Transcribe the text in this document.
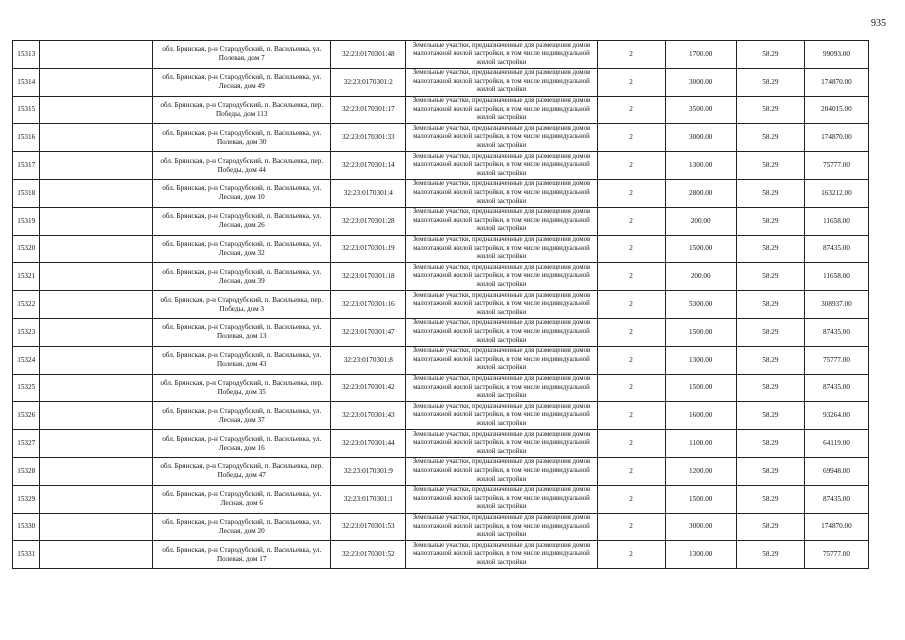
935
15313		обл. Брянская, р-н Стародубский, п. Васильевка, ул. Полевая, дом 7	32:23:0170301:48	Земельные участки, предназначенные для размещения домов малоэтажной жилой застройки, в том числе индивидуальной жилой застройки	2	1700.00	58.29	99093.00
15314		обл. Брянская, р-н Стародубский, п. Васильевка, ул. Лесная, дом 49	32:23:0170301:2	Земельные участки, предназначенные для размещения домов малоэтажной жилой застройки, в том числе индивидуальной жилой застройки	2	3000.00	58.29	174870.00
15315		обл. Брянская, р-н Стародубский, п. Васильевка, пер. Победы, дом 113	32:23:0170301:17	Земельные участки, предназначенные для размещения домов малоэтажной жилой застройки, в том числе индивидуальной жилой застройки	2	3500.00	58.29	204015.00
15316		обл. Брянская, р-н Стародубский, п. Васильевка, ул. Полевая, дом 30	32:23:0170301:33	Земельные участки, предназначенные для размещения домов малоэтажной жилой застройки, в том числе индивидуальной жилой застройки	2	3000.00	58.29	174870.00
15317		обл. Брянская, р-н Стародубский, п. Васильевка, пер. Победы, дом 44	32:23:0170301:14	Земельные участки, предназначенные для размещения домов малоэтажной жилой застройки, в том числе индивидуальной жилой застройки	2	1300.00	58.29	75777.00
15318		обл. Брянская, р-н Стародубский, п. Васильевка, ул. Лесная, дом 10	32:23:0170301:4	Земельные участки, предназначенные для размещения домов малоэтажной жилой застройки, в том числе индивидуальной жилой застройки	2	2800.00	58.29	163212.00
15319		обл. Брянская, р-н Стародубский, п. Васильевка, ул. Лесная, дом 26	32:23:0170301:28	Земельные участки, предназначенные для размещения домов малоэтажной жилой застройки, в том числе индивидуальной жилой застройки	2	200.00	58.29	11658.00
15320		обл. Брянская, р-н Стародубский, п. Васильевка, ул. Лесная, дом 32	32:23:0170301:19	Земельные участки, предназначенные для размещения домов малоэтажной жилой застройки, в том числе индивидуальной жилой застройки	2	1500.00	58.29	87435.00
15321		обл. Брянская, р-н Стародубский, п. Васильевка, ул. Лесная, дом 39	32:23:0170301:18	Земельные участки, предназначенные для размещения домов малоэтажной жилой застройки, в том числе индивидуальной жилой застройки	2	200.00	58.29	11658.00
15322		обл. Брянская, р-н Стародубский, п. Васильевка, пер. Победы, дом 3	32:23:0170301:16	Земельные участки, предназначенные для размещения домов малоэтажной жилой застройки, в том числе индивидуальной жилой застройки	2	5300.00	58.29	308937.00
15323		обл. Брянская, р-н Стародубский, п. Васильевка, ул. Полевая, дом 13	32:23:0170301:47	Земельные участки, предназначенные для размещения домов малоэтажной жилой застройки, в том числе индивидуальной жилой застройки	2	1500.00	58.29	87435.00
15324		обл. Брянская, р-н Стародубский, п. Васильевка, ул. Полевая, дом 43	32:23:0170301:8	Земельные участки, предназначенные для размещения домов малоэтажной жилой застройки, в том числе индивидуальной жилой застройки	2	1300.00	58.29	75777.00
15325		обл. Брянская, р-н Стародубский, п. Васильевка, пер. Победы, дом 35	32:23:0170301:42	Земельные участки, предназначенные для размещения домов малоэтажной жилой застройки, в том числе индивидуальной жилой застройки	2	1500.00	58.29	87435.00
15326		обл. Брянская, р-н Стародубский, п. Васильевка, ул. Лесная, дом 37	32:23:0170301:43	Земельные участки, предназначенные для размещения домов малоэтажной жилой застройки, в том числе индивидуальной жилой застройки	2	1600.00	58.29	93264.00
15327		обл. Брянская, р-н Стародубский, п. Васильевка, ул. Лесная, дом 16	32:23:0170301:44	Земельные участки, предназначенные для размещения домов малоэтажной жилой застройки, в том числе индивидуальной жилой застройки	2	1100.00	58.29	64119.00
15328		обл. Брянская, р-н Стародубский, п. Васильевка, пер. Победы, дом 47	32:23:0170301:9	Земельные участки, предназначенные для размещения домов малоэтажной жилой застройки, в том числе индивидуальной жилой застройки	2	1200.00	58.29	69948.00
15329		обл. Брянская, р-н Стародубский, п. Васильевка, ул. Лесная, дом 6	32:23:0170301:1	Земельные участки, предназначенные для размещения домов малоэтажной жилой застройки, в том числе индивидуальной жилой застройки	2	1500.00	58.29	87435.00
15330		обл. Брянская, р-н Стародубский, п. Васильевка, ул. Лесная, дом 20	32:23:0170301:53	Земельные участки, предназначенные для размещения домов малоэтажной жилой застройки, в том числе индивидуальной жилой застройки	2	3000.00	58.29	174870.00
15331		обл. Брянская, р-н Стародубский, п. Васильевка, ул. Полевая, дом 17	32:23:0170301:52	Земельные участки, предназначенные для размещения домов малоэтажной жилой застройки, в том числе индивидуальной жилой застройки	2	1300.00	58.29	75777.00
